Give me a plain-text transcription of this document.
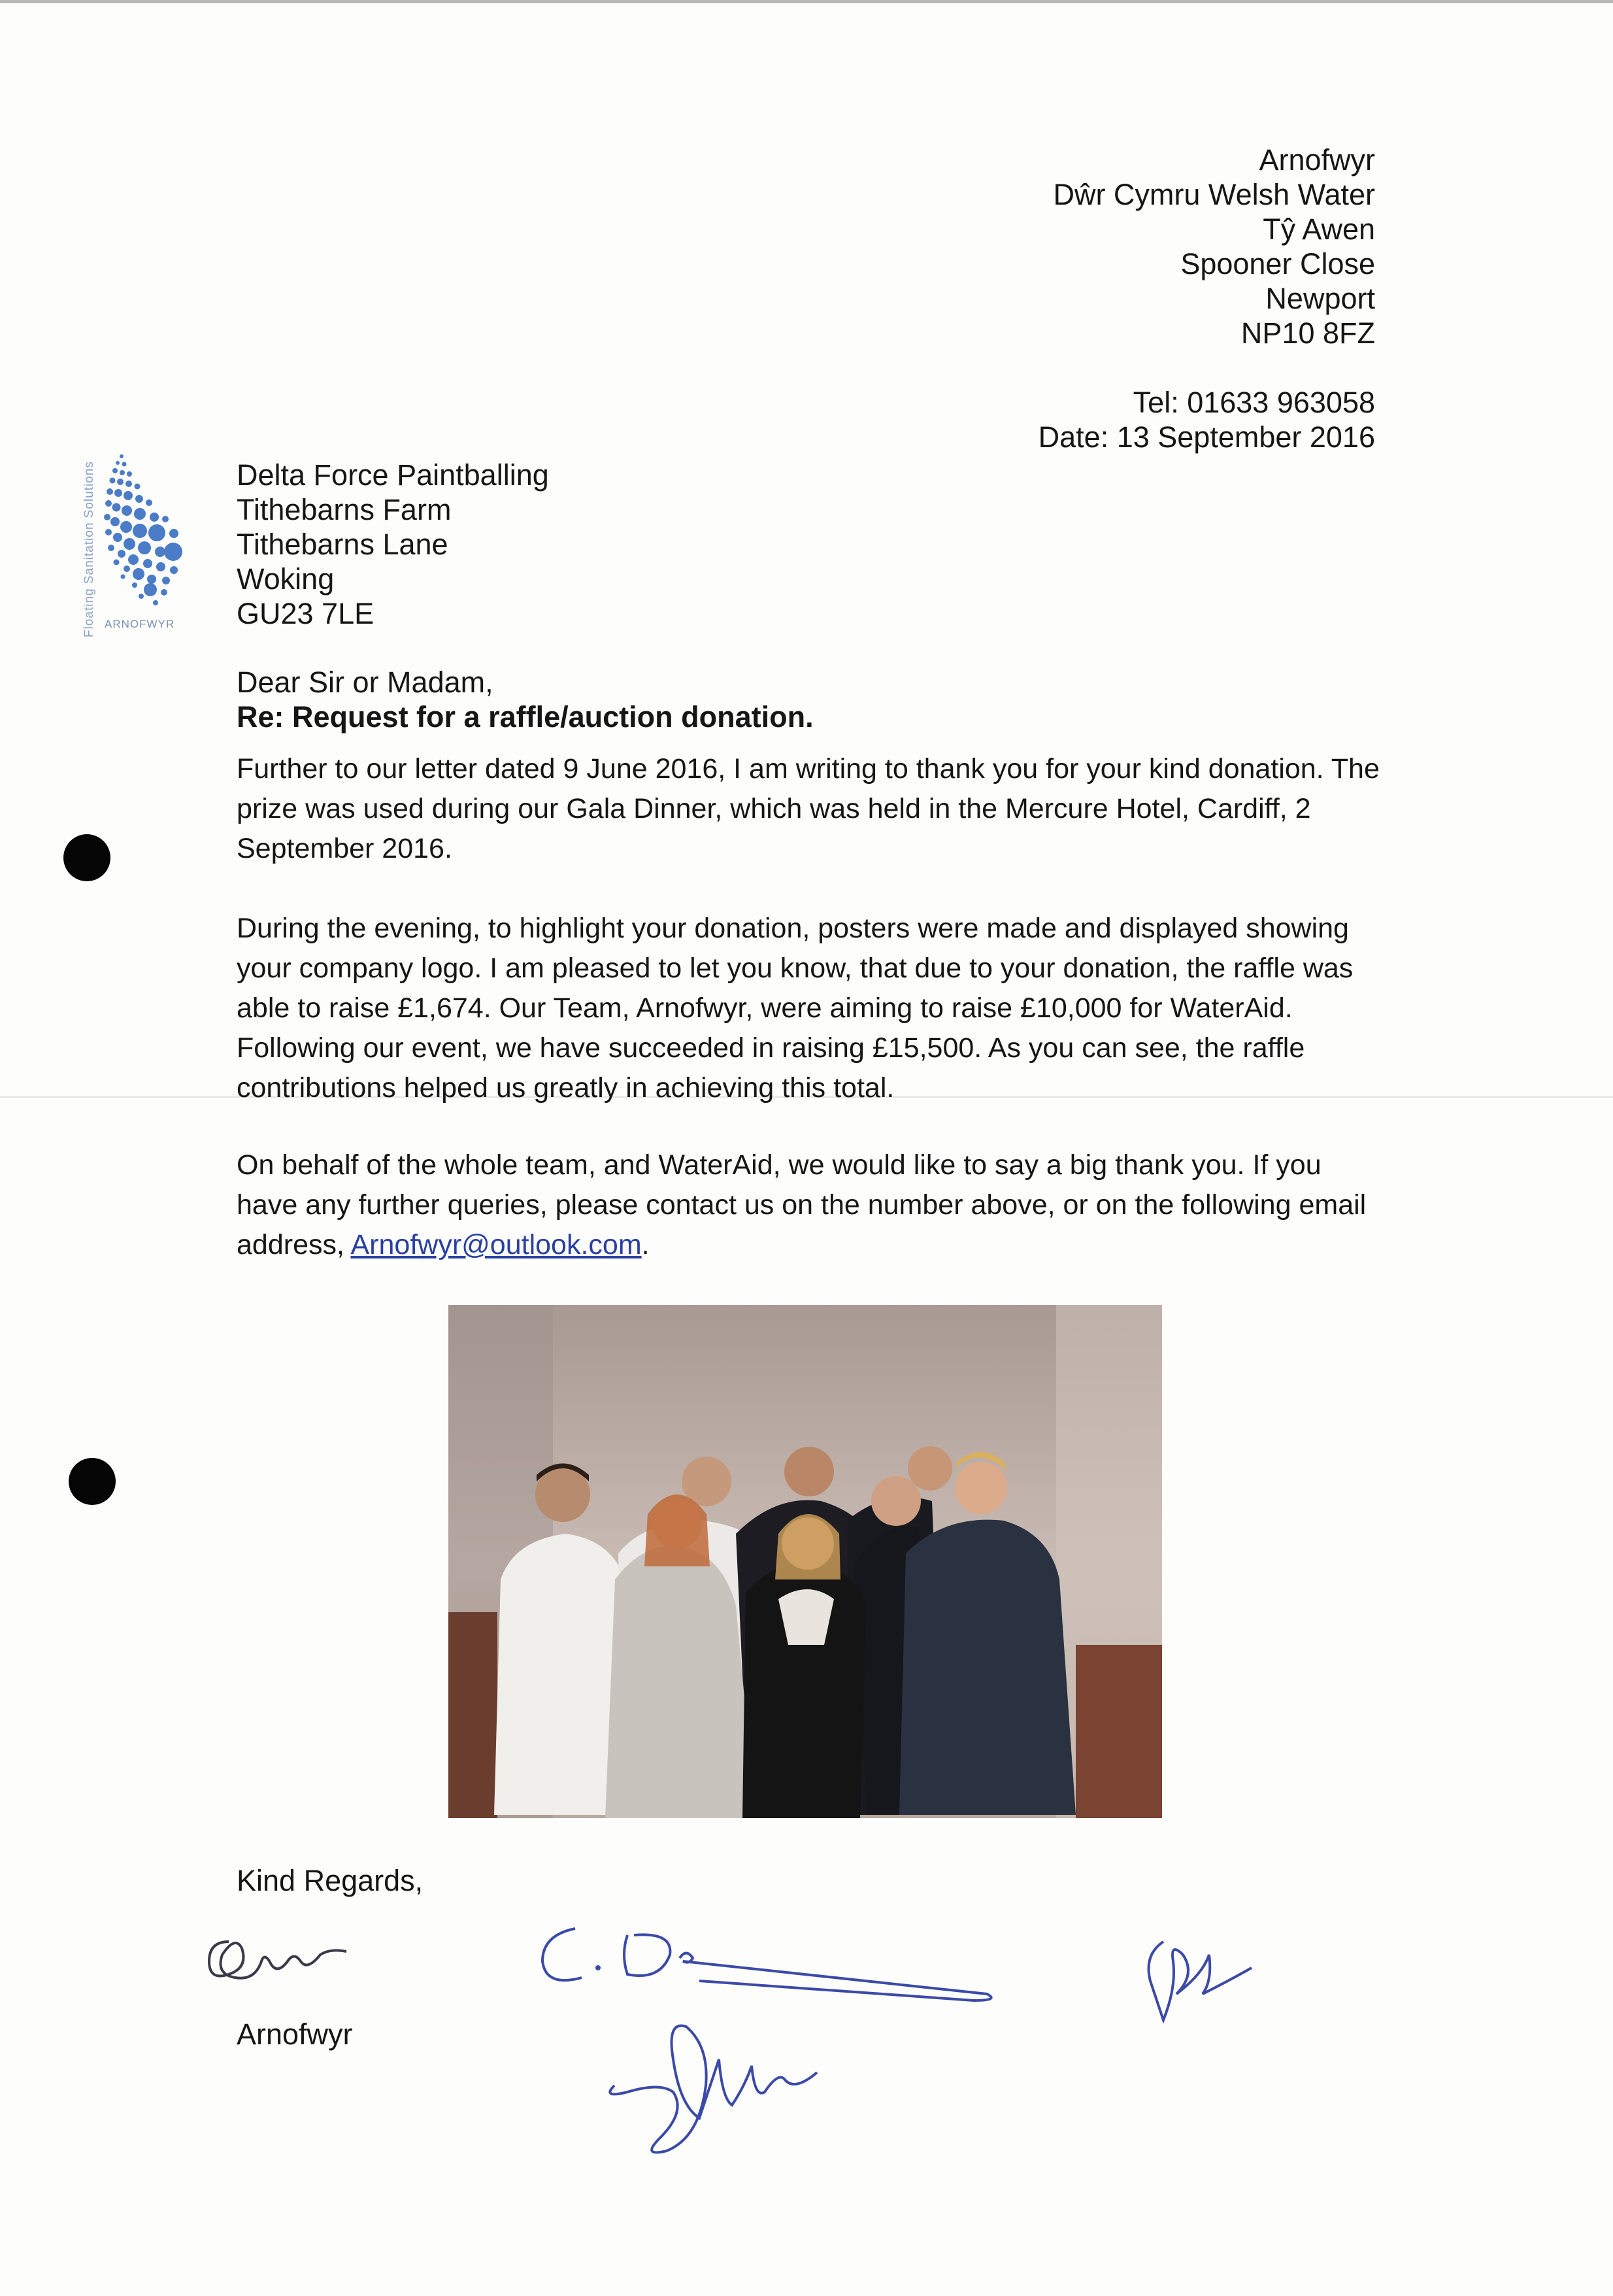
Arnofwyr
Dŵr Cymru Welsh Water
Tŷ Awen
Spooner Close
Newport
NP10 8FZ
Tel: 01633 963058
Date: 13 September 2016
Floating Sanitation Solutions ARNOFWYR
Delta Force Paintballing
Tithebarns Farm
Tithebarns Lane
Woking
GU23 7LE
Dear Sir or Madam,
Re: Request for a raffle/auction donation.

Further to our letter dated 9 June 2016, I am writing to thank you for your kind donation. The prize was used during our Gala Dinner, which was held in the Mercure Hotel, Cardiff, 2 September 2016.

During the evening, to highlight your donation, posters were made and displayed showing your company logo. I am pleased to let you know, that due to your donation, the raffle was able to raise £1,674. Our Team, Arnofwyr, were aiming to raise £10,000 for WaterAid. Following our event, we have succeeded in raising £15,500. As you can see, the raffle contributions helped us greatly in achieving this total.

On behalf of the whole team, and WaterAid, we would like to say a big thank you. If you have any further queries, please contact us on the number above, or on the following email address, Arnofwyr@outlook.com.

Kind Regards,
Arnofwyr
